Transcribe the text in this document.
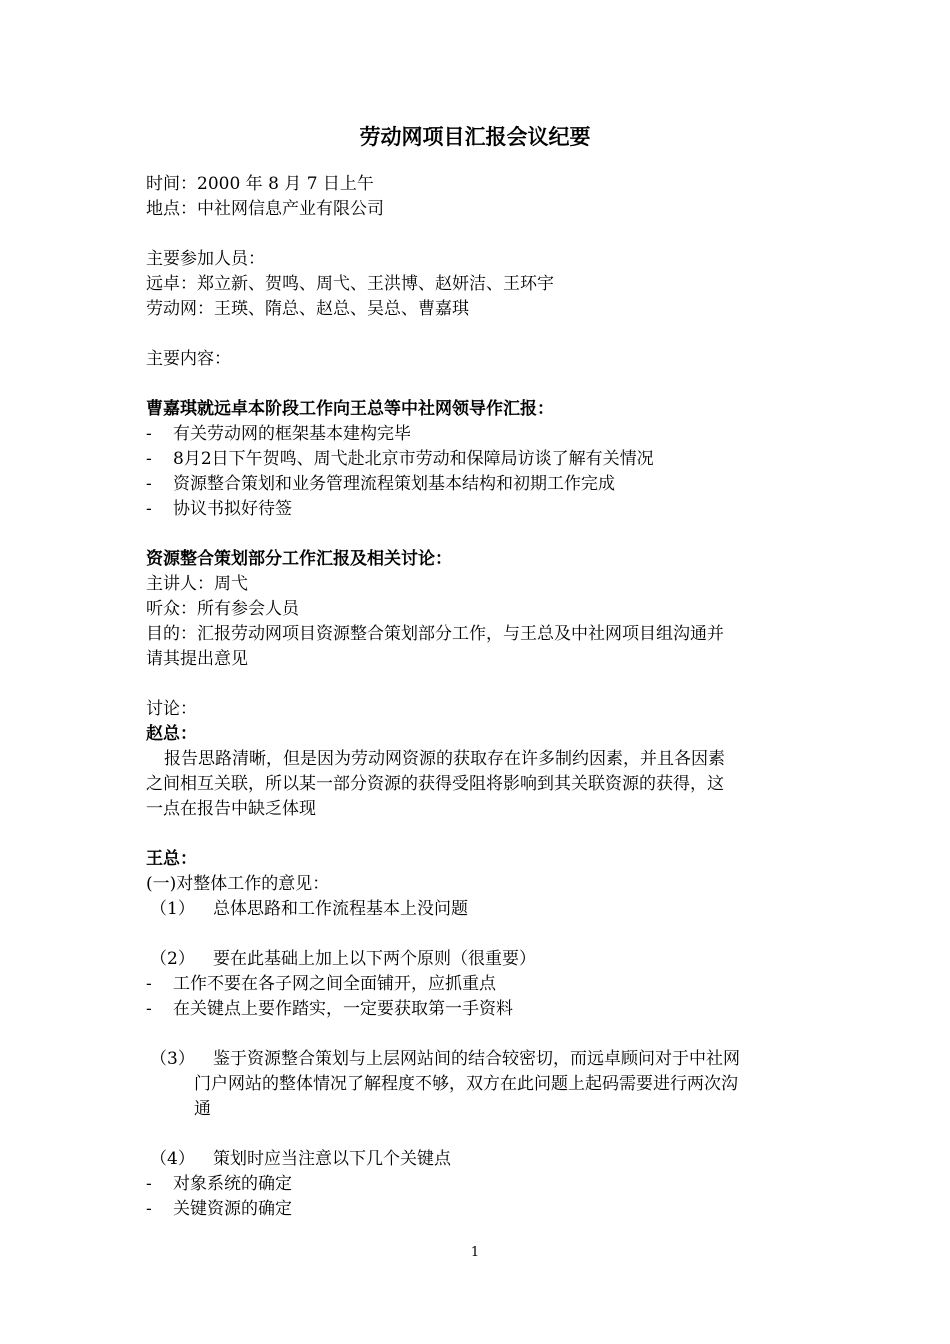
劳动网项目汇报会议纪要
时间：2000 年 8 月 7 日上午
地点：中社网信息产业有限公司
主要参加人员：
远卓：郑立新、贺鸣、周弋、王洪博、赵妍洁、王环宇
劳动网：王瑛、隋总、赵总、吴总、曹嘉琪
主要内容：
曹嘉琪就远卓本阶段工作向王总等中社网领导作汇报：
- 有关劳动网的框架基本建构完毕
- 8月2日下午贺鸣、周弋赴北京市劳动和保障局访谈了解有关情况
- 资源整合策划和业务管理流程策划基本结构和初期工作完成
- 协议书拟好待签
资源整合策划部分工作汇报及相关讨论：
主讲人：周弋
听众：所有参会人员
目的：汇报劳动网项目资源整合策划部分工作，与王总及中社网项目组沟通并
请其提出意见
讨论：
赵总：
报告思路清晰，但是因为劳动网资源的获取存在许多制约因素，并且各因素
之间相互关联，所以某一部分资源的获得受阻将影响到其关联资源的获得，这
一点在报告中缺乏体现
王总：
(一)对整体工作的意见：
（1） 总体思路和工作流程基本上没问题
（2） 要在此基础上加上以下两个原则（很重要）
- 工作不要在各子网之间全面铺开，应抓重点
- 在关键点上要作踏实，一定要获取第一手资料
（3） 鉴于资源整合策划与上层网站间的结合较密切，而远卓顾问对于中社网
门户网站的整体情况了解程度不够，双方在此问题上起码需要进行两次沟
通
（4） 策划时应当注意以下几个关键点
- 对象系统的确定
- 关键资源的确定
1
